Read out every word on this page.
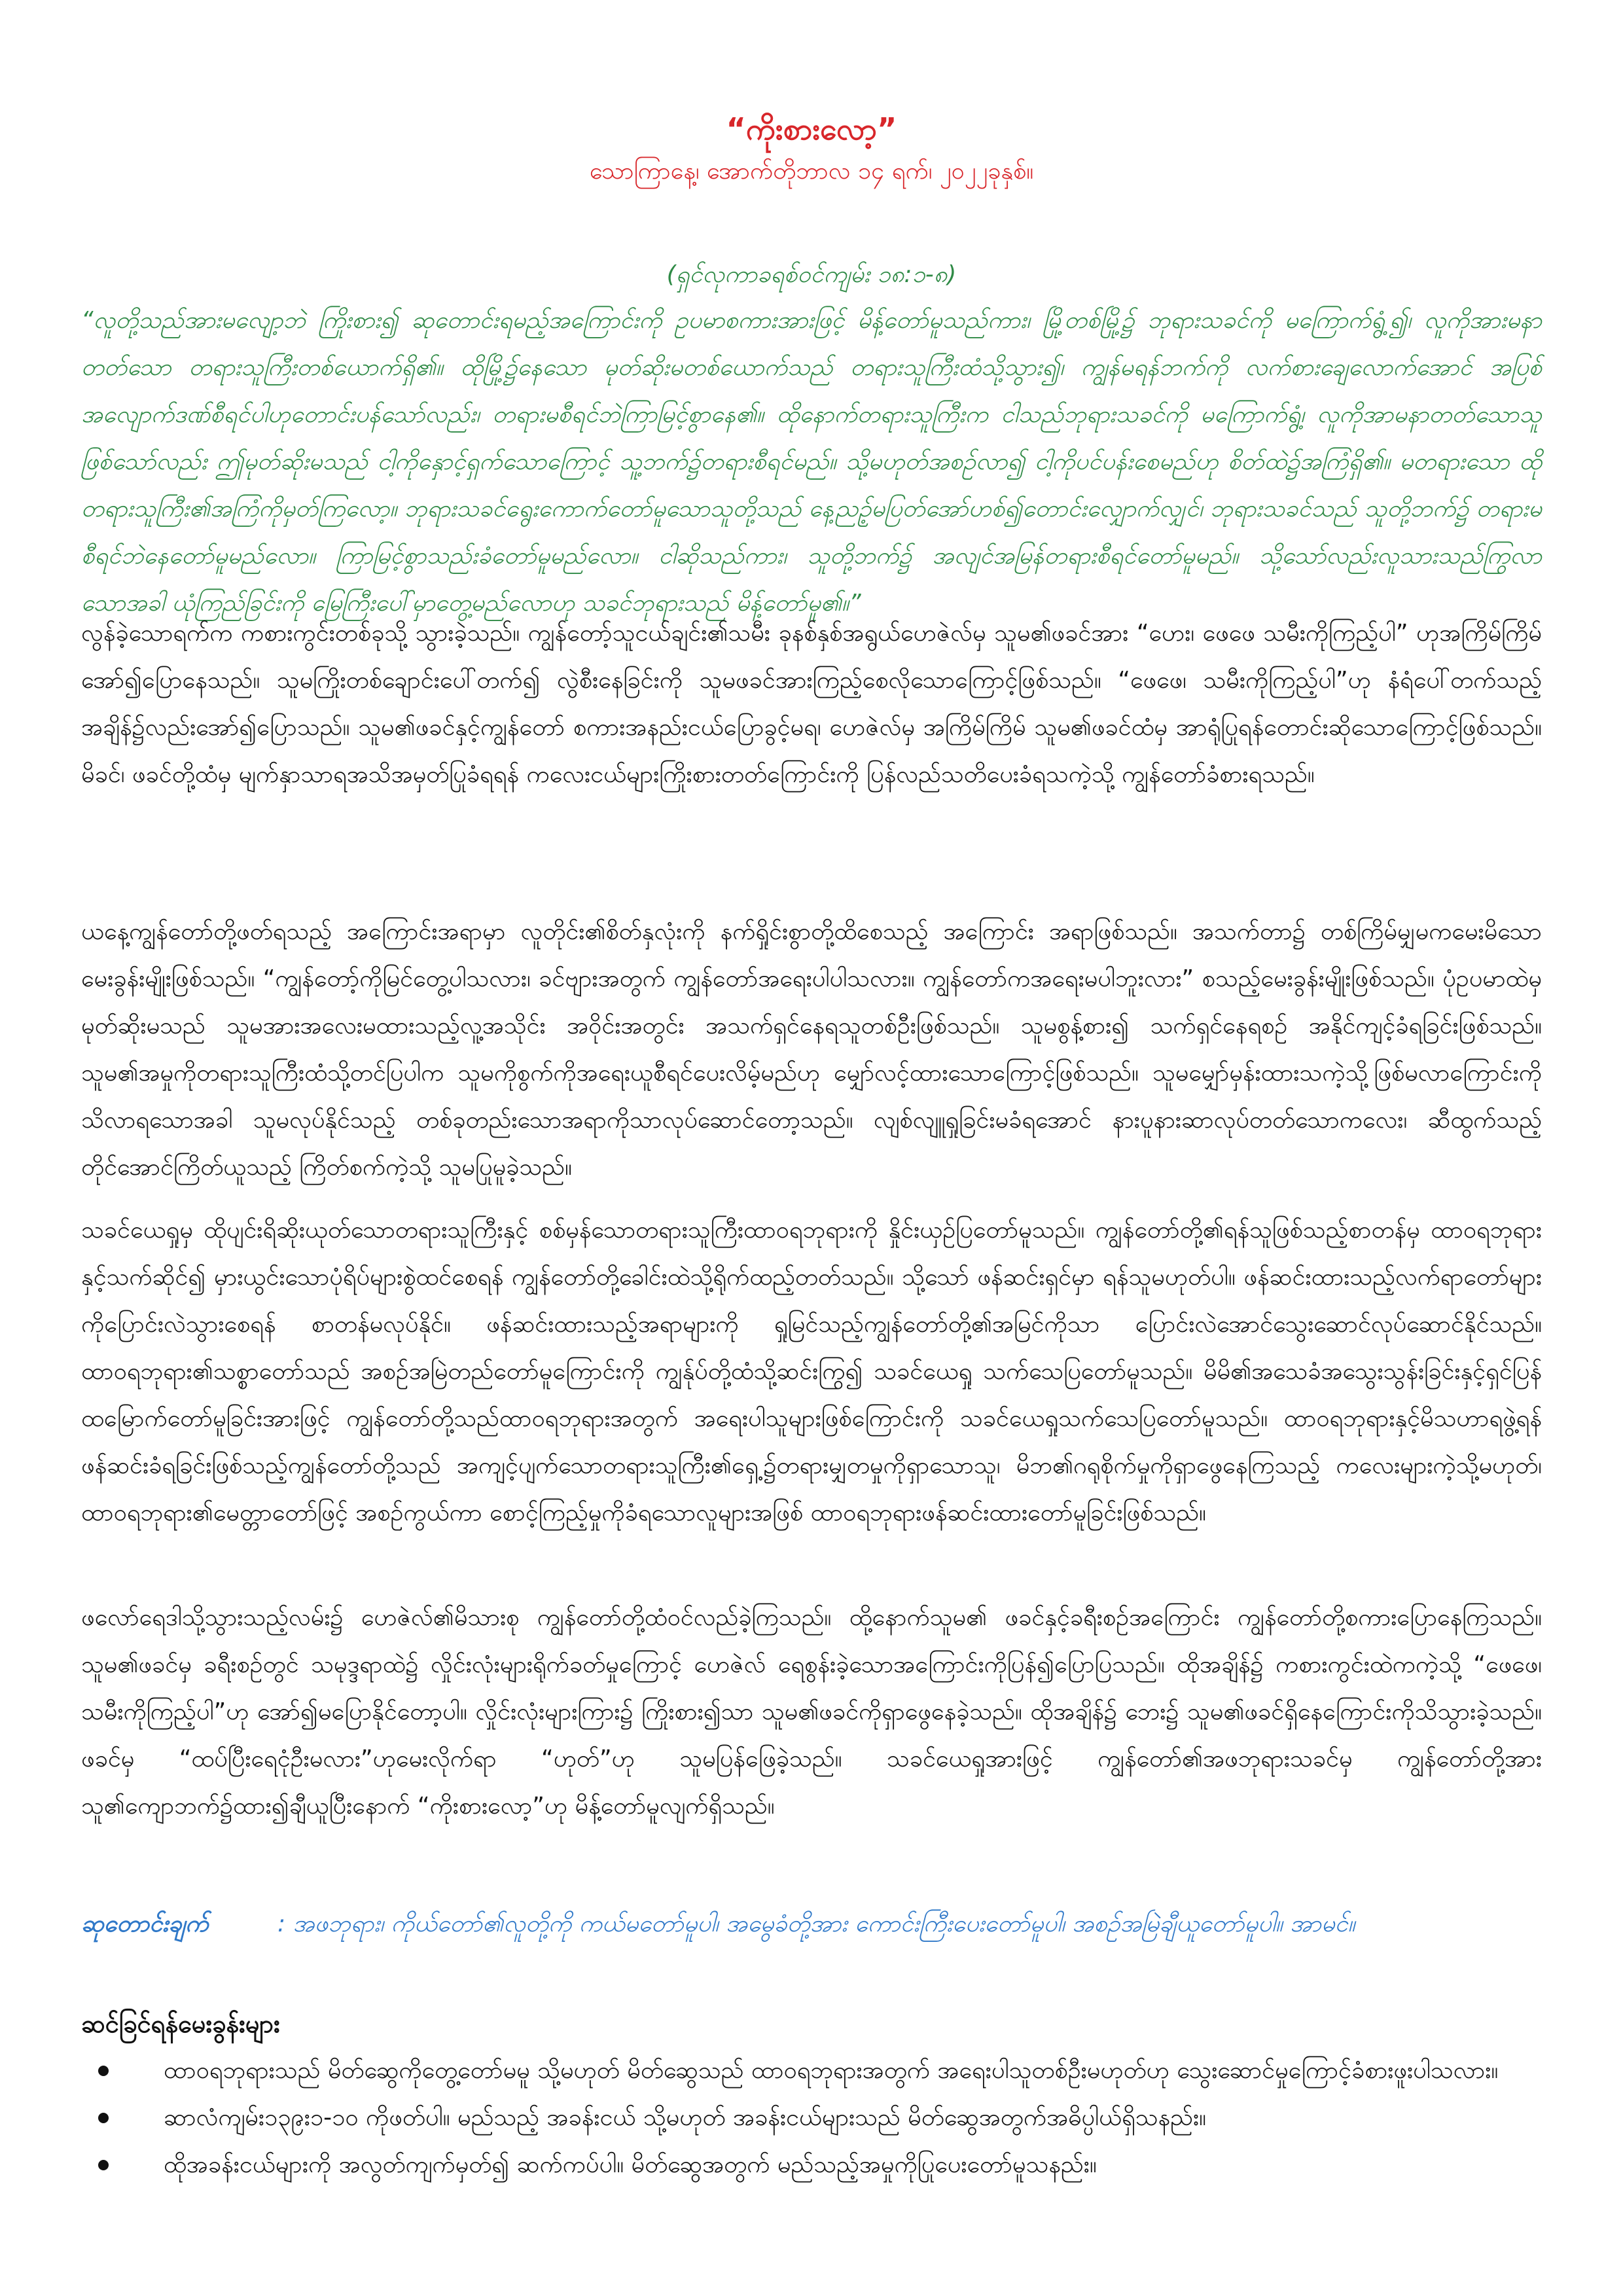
“ကိုးစားလော့”
သောကြာနေ့၊ အောက်တိုဘာလ ၁၄ ရက်၊ ၂၀၂၂ခုနှစ်။
(ရှင်လုကာခရစ်ဝင်ကျမ်း ၁၈:၁-၈)
“လူတို့သည်အားမလျော့ဘဲ ကြိုးစား၍ ဆုတောင်းရမည့်အကြောင်းကို ဥပမာစကားအားဖြင့် မိန့်တော်မူသည်ကား၊ မြို့တစ်မြို့၌ ဘုရားသခင်ကို မကြောက်ရွံ့၍၊ လူကိုအားမနာတတ်သော တရားသူကြီးတစ်ယောက်ရှိ၏။ ထိုမြို့၌နေသော မုတ်ဆိုးမတစ်ယောက်သည် တရားသူကြီးထံသို့သွား၍၊ ကျွန်မရန်ဘက်ကို လက်စားချေလောက်အောင် အပြစ်အလျောက်ဒဏ်စီရင်ပါဟုတောင်းပန်သော်လည်း၊ တရားမစီရင်ဘဲကြာမြင့်စွာနေ၏။ ထိုနောက်တရားသူကြီးက ငါသည်ဘုရားသခင်ကို မကြောက်ရွံ့၊ လူကိုအာမနာတတ်သောသူဖြစ်သော်လည်း ဤမုတ်ဆိုးမသည် ငါ့ကိုနှောင့်ရှက်သောကြောင့် သူ့ဘက်၌တရားစီရင်မည်။ သို့မဟုတ်အစဉ်လာ၍ ငါ့ကိုပင်ပန်းစေမည်ဟု စိတ်ထဲ၌အကြံရှိ၏။ မတရားသော ထိုတရားသူကြီး၏အကြံကိုမှတ်ကြလော့။ ဘုရားသခင်ရွေးကောက်တော်မူသောသူတို့သည် နေ့ညဉ့်မပြတ်အော်ဟစ်၍တောင်းလျှောက်လျှင်၊ ဘုရားသခင်သည် သူတို့ဘက်၌ တရားမစီရင်ဘဲနေတော်မူမည်လော။ ကြာမြင့်စွာသည်းခံတော်မူမည်လော။ ငါဆိုသည်ကား၊ သူတို့ဘက်၌ အလျင်အမြန်တရားစီရင်တော်မူမည်။ သို့သော်လည်းလူသားသည်ကြွလာသောအခါ ယုံကြည်ခြင်းကို မြေကြီးပေါ်မှာတွေ့မည်လောဟု သခင်ဘုရားသည် မိန့်တော်မူ၏။”
လွန်ခဲ့သောရက်က ကစားကွင်းတစ်ခုသို့ သွားခဲ့သည်။ ကျွန်တော့်သူငယ်ချင်း၏သမီး ခုနစ်နှစ်အရွယ်ဟေဇဲလ်မှ သူမ၏ဖခင်အား “ဟေး၊ ဖေဖေ သမီးကိုကြည့်ပါ” ဟုအကြိမ်ကြိမ်အော်၍ပြောနေသည်။ သူမကြိုးတစ်ချောင်းပေါ်တက်၍ လွဲစီးနေခြင်းကို သူမဖခင်အားကြည့်စေလိုသောကြောင့်ဖြစ်သည်။ “ဖေဖေ၊ သမီးကိုကြည့်ပါ”ဟု နံရံပေါ်တက်သည့်အချိန်၌လည်းအော်၍ပြောသည်။ သူမ၏ဖခင်နှင့်ကျွန်တော် စကားအနည်းငယ်ပြောခွင့်မရ၊ ဟေဇဲလ်မှ အကြိမ်ကြိမ် သူမ၏ဖခင်ထံမှ အာရုံပြုရန်တောင်းဆိုသောကြောင့်ဖြစ်သည်။ မိခင်၊ ဖခင်တို့ထံမှ မျက်နှာသာရအသိအမှတ်ပြုခံရရန် ကလေးငယ်များကြိုးစားတတ်ကြောင်းကို ပြန်လည်သတိပေးခံရသကဲ့သို့ ကျွန်တော်ခံစားရသည်။
ယနေ့ကျွန်တော်တို့ဖတ်ရသည့် အကြောင်းအရာမှာ လူတိုင်း၏စိတ်နှလုံးကို နက်ရှိုင်းစွာတို့ထိစေသည့် အကြောင်း အရာဖြစ်သည်။ အသက်တာ၌ တစ်ကြိမ်မျှမကမေးမိသောမေးခွန်းမျိုးဖြစ်သည်။ “ကျွန်တော့်ကိုမြင်တွေ့ပါသလား၊ ခင်ဗျားအတွက် ကျွန်တော်အရေးပါပါသလား။ ကျွန်တော်ကအရေးမပါဘူးလား” စသည့်မေးခွန်းမျိုးဖြစ်သည်။ ပုံဥပမာထဲမှမုတ်ဆိုးမသည် သူမအားအလေးမထားသည့်လူ့အသိုင်း အဝိုင်းအတွင်း အသက်ရှင်နေရသူတစ်ဦးဖြစ်သည်။ သူမစွန့်စား၍ သက်ရှင်နေရစဉ် အနိုင်ကျင့်ခံရခြင်းဖြစ်သည်။ သူမ၏အမှုကိုတရားသူကြီးထံသို့တင်ပြပါက သူမကိုစွက်ကိုအရေးယူစီရင်ပေးလိမ့်မည်ဟု မျှော်လင့်ထားသောကြောင့်ဖြစ်သည်။ သူမမျှော်မှန်းထားသကဲ့သို့ဖြစ်မလာကြောင်းကို သိလာရသောအခါ သူမလုပ်နိုင်သည့် တစ်ခုတည်းသောအရာကိုသာလုပ်ဆောင်တော့သည်။ လျစ်လျူရှုခြင်းမခံရအောင် နားပူနားဆာလုပ်တတ်သောကလေး၊ ဆီထွက်သည့်တိုင်အောင်ကြိတ်ယူသည့် ကြိတ်စက်ကဲ့သို့ သူမပြုမူခဲ့သည်။
သခင်ယေရှုမှ ထိုပျင်းရိဆိုးယုတ်သောတရားသူကြီးနှင့် စစ်မှန်သောတရားသူကြီးထာဝရဘုရားကို နှိုင်းယှဉ်ပြတော်မူသည်။ ကျွန်တော်တို့၏ရန်သူဖြစ်သည့်စာတန်မှ ထာဝရဘုရားနှင့်သက်ဆိုင်၍ မှားယွင်းသောပုံရိပ်များစွဲထင်စေရန် ကျွန်တော်တို့ခေါင်းထဲသို့ရိုက်ထည့်တတ်သည်။ သို့သော် ဖန်ဆင်းရှင်မှာ ရန်သူမဟုတ်ပါ။ ဖန်ဆင်းထားသည့်လက်ရာတော်များကိုပြောင်းလဲသွားစေရန် စာတန်မလုပ်နိုင်။ ဖန်ဆင်းထားသည့်အရာများကို ရှုမြင်သည့်ကျွန်တော်တို့၏အမြင်ကိုသာ ပြောင်းလဲအောင်သွေးဆောင်လုပ်ဆောင်နိုင်သည်။ ထာဝရဘုရား၏သစ္စာတော်သည် အစဉ်အမြဲတည်တော်မူကြောင်းကို ကျွန်ုပ်တို့ထံသို့ဆင်းကြွ၍ သခင်ယေရှု သက်သေပြတော်မူသည်။ မိမိ၏အသေခံအသွေးသွန်းခြင်းနှင့်ရှင်ပြန်ထမြောက်တော်မူခြင်းအားဖြင့် ကျွန်တော်တို့သည်ထာဝရဘုရားအတွက် အရေးပါသူများဖြစ်ကြောင်းကို သခင်ယေရှုသက်သေပြတော်မူသည်။ ထာဝရဘုရားနှင့်မိသဟာရဖွဲ့ရန် ဖန်ဆင်းခံရခြင်းဖြစ်သည့်ကျွန်တော်တို့သည် အကျင့်ပျက်သောတရားသူကြီး၏ရှေ့၌တရားမျှတမှုကိုရှာသောသူ၊ မိဘ၏ဂရုစိုက်မှုကိုရှာဖွေနေကြသည့် ကလေးများကဲ့သို့မဟုတ်၊ ထာဝရဘုရား၏မေတ္တာတော်ဖြင့် အစဉ်ကွယ်ကာ စောင့်ကြည့်မှုကိုခံရသောလူများအဖြစ် ထာဝရဘုရားဖန်ဆင်းထားတော်မူခြင်းဖြစ်သည်။
ဖလော်ရေဒါသို့သွားသည့်လမ်း၌ ဟေဇဲလ်၏မိသားစု ကျွန်တော်တို့ထံဝင်လည်ခဲ့ကြသည်။ ထို့နောက်သူမ၏ ဖခင်နှင့်ခရီးစဉ်အကြောင်း ကျွန်တော်တို့စကားပြောနေကြသည်။ သူမ၏ဖခင်မှ ခရီးစဉ်တွင် သမုဒ္ဒရာထဲ၌ လှိုင်းလုံးများရိုက်ခတ်မှုကြောင့် ဟေဇဲလ် ရေစွန်းခဲ့သောအကြောင်းကိုပြန်၍ပြောပြသည်။ ထိုအချိန်၌ ကစားကွင်းထဲကကဲ့သို့ “ဖေဖေ၊ သမီးကိုကြည့်ပါ”ဟု အော်၍မပြောနိုင်တော့ပါ။ လှိုင်းလုံးများကြား၌ ကြိုးစား၍သာ သူမ၏ဖခင်ကိုရှာဖွေနေခဲ့သည်။ ထိုအချိန်၌ ဘေး၌ သူမ၏ဖခင်ရှိနေကြောင်းကိုသိသွားခဲ့သည်။ ဖခင်မှ “ထပ်ပြီးရေငုံဦးမလား”ဟုမေးလိုက်ရာ “ဟုတ်”ဟု သူမပြန်ဖြေခဲ့သည်။ သခင်ယေရှုအားဖြင့် ကျွန်တော်၏အဖဘုရားသခင်မှ ကျွန်တော်တို့အား သူ၏ကျောဘက်၌ထား၍ချီယူပြီးနောက် “ကိုးစားလော့”ဟု မိန့်တော်မူလျက်ရှိသည်။
ဆုတောင်းချက်	: အဖဘုရား၊ ကိုယ်တော်၏လူတို့ကို ကယ်မတော်မူပါ၊ အမွေခံတို့အား ကောင်းကြီးပေးတော်မူပါ၊ အစဉ်အမြဲချီယူတော်မူပါ။ အာမင်။
ဆင်ခြင်ရန်မေးခွန်းများ
ထာဝရဘုရားသည် မိတ်ဆွေကိုတွေ့တော်မမူ သို့မဟုတ် မိတ်ဆွေသည် ထာဝရဘုရားအတွက် အရေးပါသူတစ်ဦးမဟုတ်ဟု သွေးဆောင်မှုကြောင့်ခံစားဖူးပါသလား။
ဆာလံကျမ်း၁၃၉း၁-၁၀ ကိုဖတ်ပါ။ မည်သည့် အခန်းငယ် သို့မဟုတ် အခန်းငယ်များသည် မိတ်ဆွေအတွက်အဓိပ္ပါယ်ရှိသနည်း။
ထိုအခန်းငယ်များကို အလွတ်ကျက်မှတ်၍ ဆက်ကပ်ပါ။ မိတ်ဆွေအတွက် မည်သည့်အမှုကိုပြုပေးတော်မူသနည်း။
